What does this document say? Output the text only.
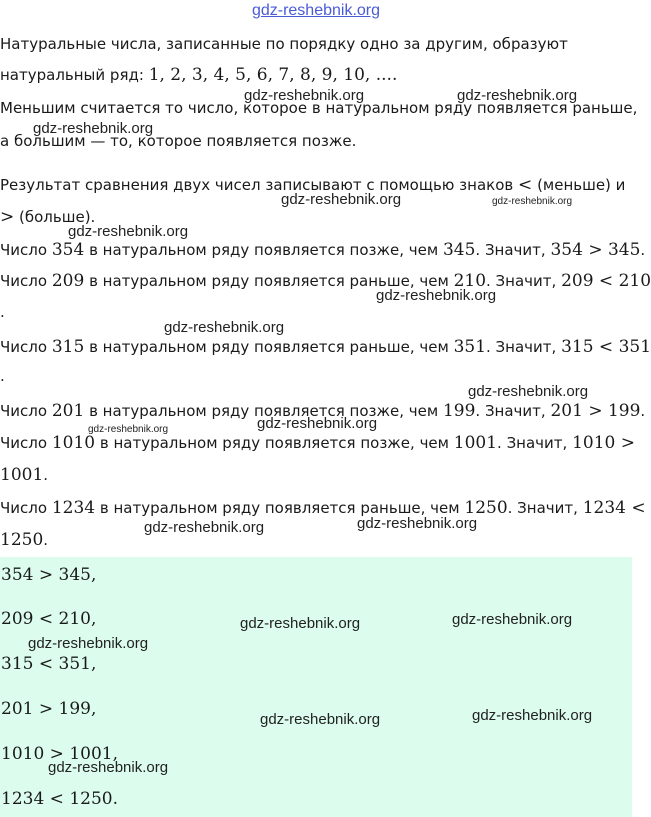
gdz-reshebnik.org
Натуральные числа, записанные по порядку одно за другим, образуют
натуральный ряд: 1, 2, 3, 4, 5, 6, 7, 8, 9, 10, ....
Меньшим считается то число, которое в натуральном ряду появляется раньше,
а большим — то, которое появляется позже.
Результат сравнения двух чисел записывают с помощью знаков < (меньше) и
> (больше).
Число 354 в натуральном ряду появляется позже, чем 345. Значит, 354 > 345.
Число 209 в натуральном ряду появляется раньше, чем 210. Значит, 209 < 210
.
Число 315 в натуральном ряду появляется раньше, чем 351. Значит, 315 < 351
.
Число 201 в натуральном ряду появляется позже, чем 199. Значит, 201 > 199.
Число 1010 в натуральном ряду появляется позже, чем 1001. Значит, 1010 >
1001.
Число 1234 в натуральном ряду появляется раньше, чем 1250. Значит, 1234 <
1250.
354 > 345,
209 < 210,
315 < 351,
201 > 199,
1010 > 1001,
1234 < 1250.
gdz-reshebnik.org	gdz-reshebnik.org
gdz-reshebnik.org
gdz-reshebnik.org	gdz-reshebnik.org
gdz-reshebnik.org
gdz-reshebnik.org
gdz-reshebnik.org
gdz-reshebnik.org
gdz-reshebnik.org
gdz-reshebnik.org
gdz-reshebnik.org	gdz-reshebnik.org
gdz-reshebnik.org	gdz-reshebnik.org
gdz-reshebnik.org
gdz-reshebnik.org	gdz-reshebnik.org
gdz-reshebnik.org
